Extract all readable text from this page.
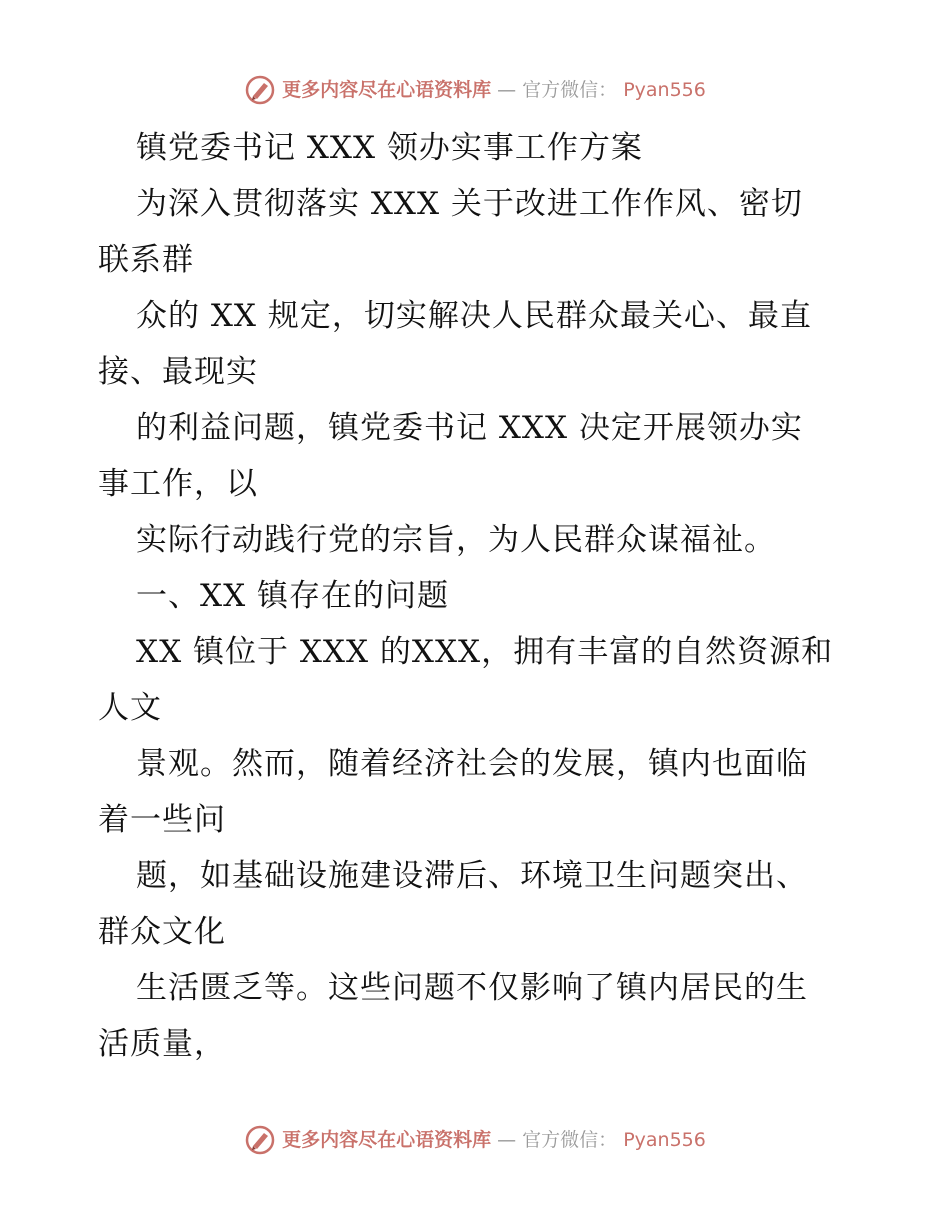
更多内容尽在心语资料库 — 官方微信： Pyan556
镇党委书记 XXX 领办实事工作方案
为深入贯彻落实 XXX 关于改进工作作风、密切
联系群
众的 XX 规定，切实解决人民群众最关心、最直
接、最现实
的利益问题，镇党委书记 XXX 决定开展领办实
事工作，以
实际行动践行党的宗旨，为人民群众谋福祉。
一、XX 镇存在的问题
XX 镇位于 XXX 的XXX，拥有丰富的自然资源和
人文
景观。然而，随着经济社会的发展，镇内也面临
着一些问
题，如基础设施建设滞后、环境卫生问题突出、
群众文化
生活匮乏等。这些问题不仅影响了镇内居民的生
活质量，
更多内容尽在心语资料库 — 官方微信： Pyan556
